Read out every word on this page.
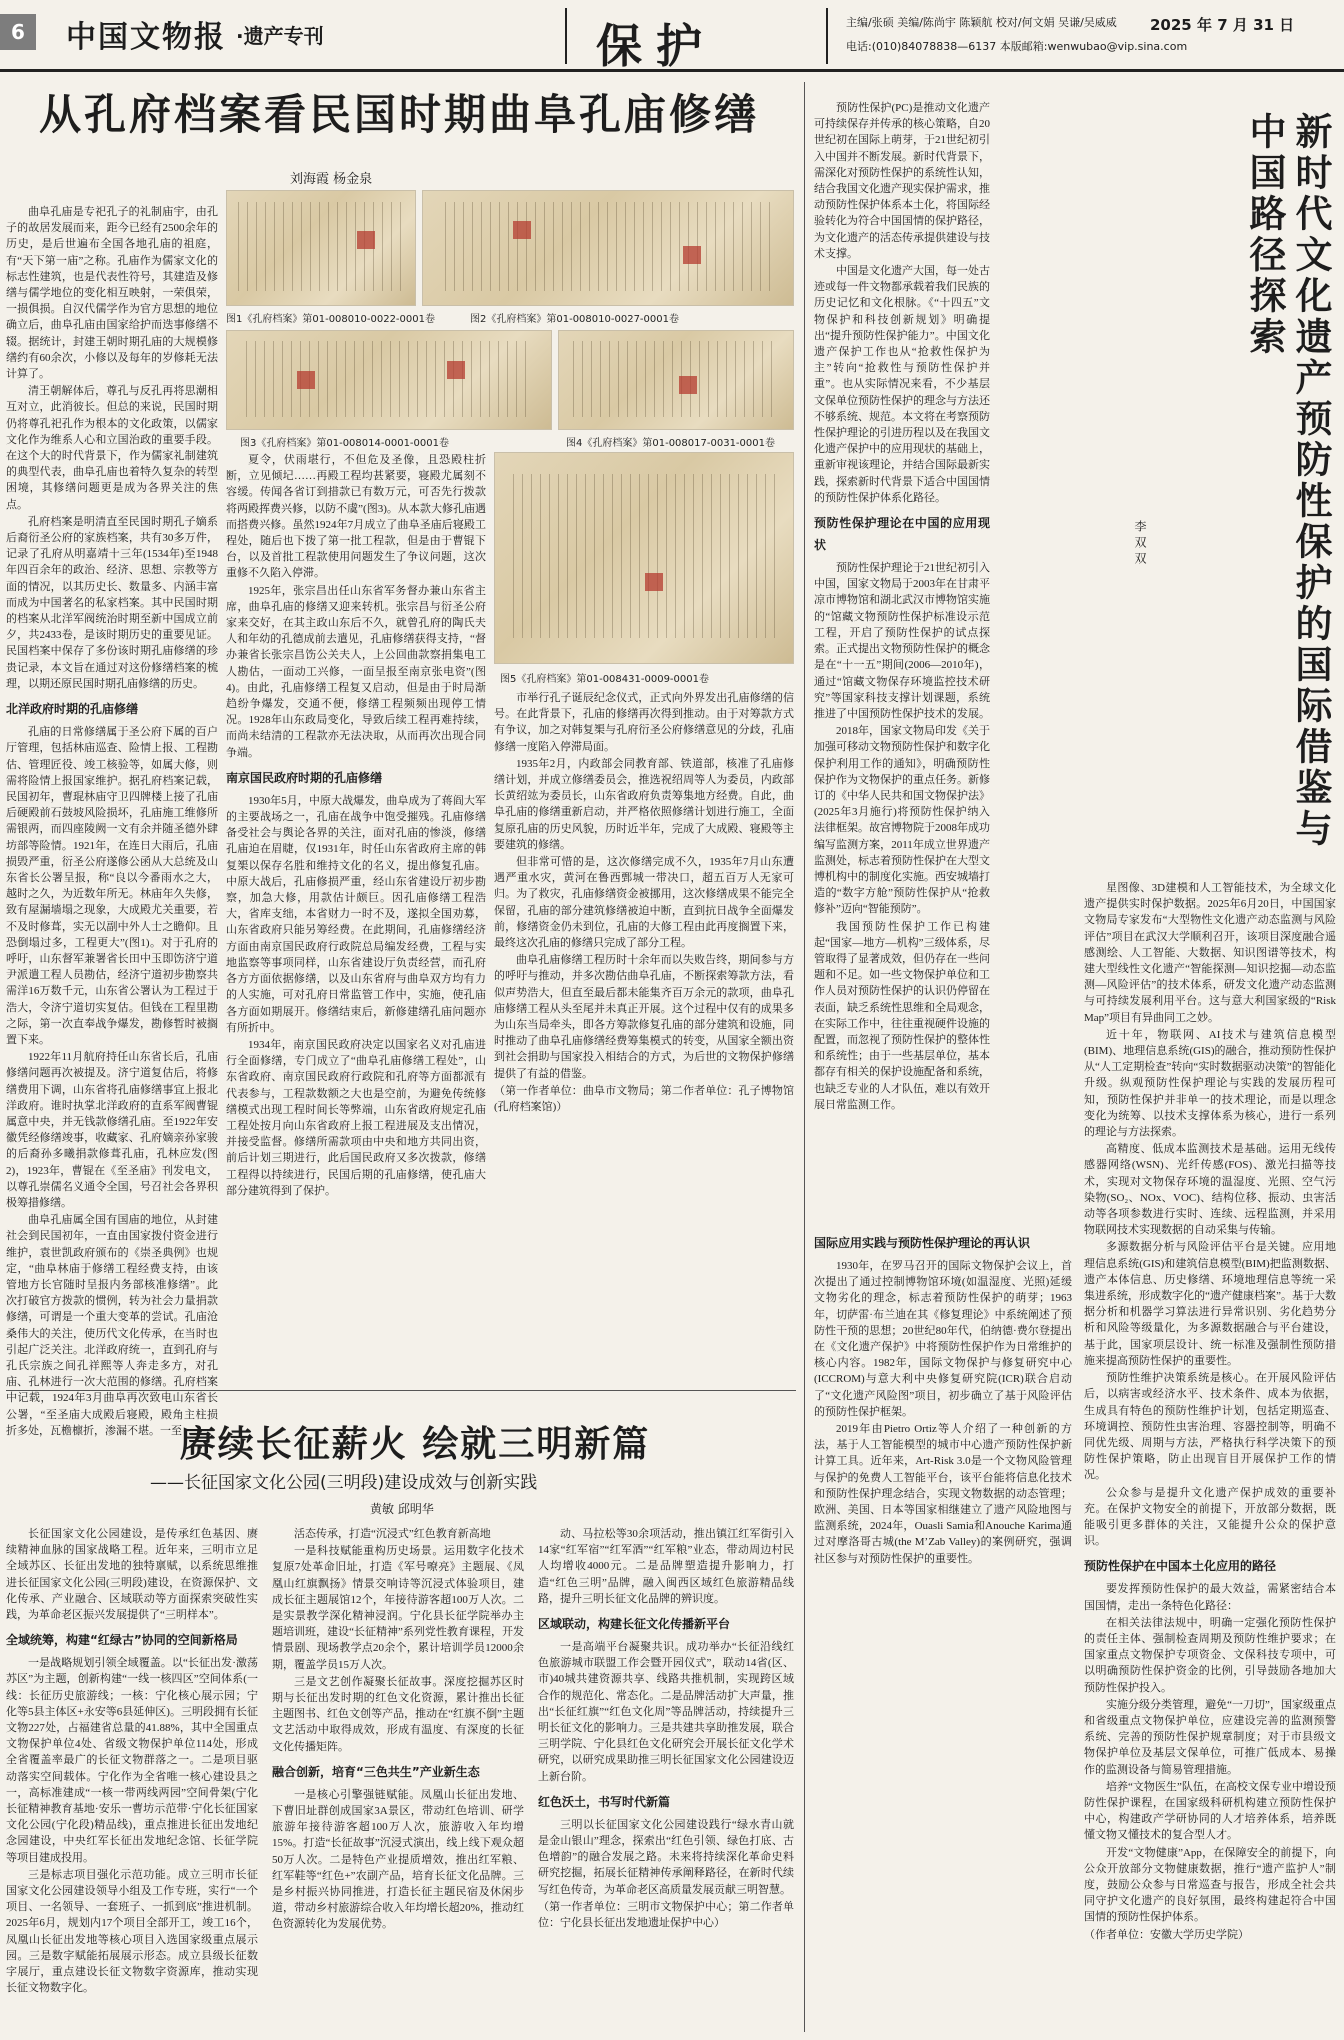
6	中国文物报 ·遗产专刊	保护	主编/张硕 美编/陈尚宇 陈颖航 校对/何文娟 吴谦/吴威威 2025 年 7 月 31 日
电话:(010)84078838—6137 本版邮箱:wenwubao@vip.sina.com
从孔府档案看民国时期曲阜孔庙修缮
刘海霞 杨金泉

曲阜孔庙是专祀孔子的礼制庙宇，由孔子的故居发展而来，距今已经有2500余年的历史，是后世遍布全国各地孔庙的祖庭，有“天下第一庙”之称。孔庙作为儒家文化的标志性建筑，也是代表性符号，其建造及修缮与儒学地位的变化相互映射，一荣俱荣，一损俱损。自汉代儒学作为官方思想的地位确立后，曲阜孔庙由国家给护而迭事修缮不辍。据统计，封建王朝时期孔庙的大规模修缮约有60余次，小修以及每年的岁修耗无法计算了。

清王朝解体后，尊孔与反孔再将思潮相互对立，此消彼长。但总的来说，民国时期仍将尊孔祀孔作为根本的文化政策，以儒家文化作为维系人心和立国治政的重要手段。在这个大的时代背景下，作为儒家礼制建筑的典型代表，曲阜孔庙也着特久复杂的转型困境，其修缮问题更是成为各界关注的焦点。

孔府档案是明清直至民国时期孔子嫡系后裔衍圣公府的家族档案，共有30多万件，记录了孔府从明嘉靖十三年(1534年)至1948年四百余年的政治、经济、思想、宗教等方面的情况，以其历史长、数量多、内涵丰富而成为中国著名的私家档案。其中民国时期的档案从北洋军阀统治时期至新中国成立前夕，共2433卷，是该时期历史的重要见证。民国档案中保存了多份该时期孔庙修缮的珍贵记录，本文旨在通过对这份修缮档案的梳理，以期还原民国时期孔庙修缮的历史。

北洋政府时期的孔庙修缮

孔庙的日常修缮属于圣公府下属的百户厅管理，包括林庙巡查、险情上报、工程勘估、管理匠役、竣工核验等，如属大修，则需将险情上报国家维护。据孔府档案记载，民国初年，曹琨林庙守卫四牌楼上接了孔庙后硬殿前石鼓坡风险损坏，孔庙施工维修所需银两，而四座陵阙一文有余并随圣德外肆坊部等险情。1921年，在连日大雨后，孔庙损毁严重，衍圣公府遂修公函从大总统及山东省长公署呈报，称“良以今番雨水之大，越时之久，为近数年所无。林庙年久失修，致有屋漏墙塌之现象，大成殿尤关重要，若不及时修葺，实无以副中外人士之瞻仰。且恐倒塌过多，工程更大”(图1)。对于孔府的呼吁，山东督军兼署省长田中玉即饬济宁道尹派遣工程人员勘估，经济宁道初步勘察共需洋16万数千元，山东省公署认为工程过于浩大，令济宁道切实复估。但钱在工程里勘之际，第一次直奉战争爆发，勘修暂时被搁置下来。

1922年11月航府持任山东省长后，孔庙修缮问题再次被提及。济宁道复估后，将修缮费用下调，山东省将孔庙修缮事宜上报北洋政府。谁时执掌北洋政府的直系军阀曹锟属意中央，并无钱款修缮孔庙。至1922年安徽凭经修缮竣事，收藏家、孔府嫡亲孙家骏的后裔孙多曦捐款修葺孔庙，孔林应发(图2)，1923年，曹锟在《至圣庙》刊发电文，以尊孔崇儒名义通令全国，号召社会各界积极筹措修缮。

曲阜孔庙属全国有国庙的地位，从封建社会到民国初年，一直由国家拨付资金进行维护，袁世凯政府颁布的《崇圣典例》也规定，“曲阜林庙于修缮工程经费支持，由该管地方长官随时呈报内务部核准修缮”。此次打破官方拨款的惯例，转为社会力量捐款修缮，可谓是一个重大变革的尝试。孔庙沧桑伟大的关注，使历代文化传承，在当时也引起广泛关注。北洋政府统一，直到孔府与孔氏宗族之间孔祥熙等人奔走多方，对孔庙、孔林进行一次大范围的修缮。孔府档案中记载，1924年3月曲阜再次致电山东省长公署，“至圣庙大成殿后寝殿，殿角主柱损折多处，瓦檐檩折，渗漏不堪。一至

图1《孔府档案》第01-008010-0022-0001卷	图2《孔府档案》第01-008010-0027-0001卷
图3《孔府档案》第01-008014-0001-0001卷	图4《孔府档案》第01-008017-0031-0001卷
图5《孔府档案》第01-008431-0009-0001卷

夏令，伏雨堪行，不但危及圣像，且恐殿柱折断，立见倾圮……再殿工程均甚紧要，寝殿尤属刻不容缓。传闻各省订到措款已有数万元，可否先行拨款将两殿挥费兴修，以防不虞”(图3)。从本款大修孔庙遇而搭费兴修。虽然1924年7月成立了曲阜圣庙后寝殿工程处，随后也下拨了第一批工程款，但是由于曹锟下台，以及首批工程款使用问题发生了争议问题，这次重修不久陷入停滞。

1925年，张宗昌出任山东省军务督办兼山东省主席，曲阜孔庙的修缮又迎来转机。张宗昌与衍圣公府家来交好，在其主政山东后不久，就曾孔府的陶氏夫人和年幼的孔德成前去遣见，孔庙修缮获得支持，“督办兼省长张宗昌饬公关夫人，上公回曲款察捐集电工人勘估，一面动工兴修，一面呈报至南京张电资”(图4)。由此，孔庙修缮工程复又启动，但是由于时局渐趋纷争爆发，交通不便，修缮工程频频出现停工情况。1928年山东政局变化，导致后续工程再难持续，而尚未结清的工程款亦无法决取，从而再次出现合同争端。

南京国民政府时期的孔庙修缮

1930年5月，中原大战爆发，曲阜成为了蒋阎大军的主要战场之一，孔庙在战争中饱受摧残。孔庙修缮备受社会与舆论各界的关注，面对孔庙的惨淡，修缮孔庙迫在眉睫，仅1931年，时任山东省政府主席的韩复榘以保存名胜和维持文化的名义，提出修复孔庙。中原大战后，孔庙修损严重，经山东省建设厅初步勘察，加急大修，用款估计颇巨。因孔庙修缮工程浩大，省库支绌，本省财力一时不及，遂拟全国劝募，山东省政府只能另筹经费。在此期间，孔庙修缮经济方面由南京国民政府行政院总局编发经费，工程与实地监察等事项同样，山东省建设厅负责经营，而孔府各方方面依据修缮，以及山东省府与曲阜双方均有力的人实施，可对孔府日常监管工作中，实施，使孔庙各方面如期展开。修缮结束后，新修建缮孔庙问题亦有所折中。

1934年，南京国民政府决定以国家名义对孔庙进行全面修缮，专门成立了“曲阜孔庙修缮工程处”，山东省政府、南京国民政府行政院和孔府等方面都派有代表参与，工程款数额之大也是空前，为避免传统修缮模式出现工程时间长等弊端，山东省政府规定孔庙工程处按月向山东省政府上报工程进展及支出情况，并接受监督。修缮所需款项由中央和地方共同出资，前后计划三期进行，此后国民政府又多次拨款，修缮工程得以持续进行，民国后期的孔庙修缮，使孔庙大部分建筑得到了保护。

市举行孔子诞辰纪念仪式，正式向外界发出孔庙修缮的信号。在此背景下，孔庙的修缮再次得到推动。由于对筹款方式有争议，加之对韩复榘与孔府衍圣公府修缮意见的分歧，孔庙修缮一度陷入停滞局面。

1935年2月，内政部会同教育部、铁道部，核准了孔庙修缮计划，并成立修缮委员会，推选祝绍周等人为委员，内政部长黄绍竑为委员长，山东省政府负责筹集地方经费。自此，曲阜孔庙的修缮重新启动，并严格依照修缮计划进行施工，全面复原孔庙的历史风貌，历时近半年，完成了大成殿、寝殿等主要建筑的修缮。

但非常可惜的是，这次修缮完成不久，1935年7月山东遭遇严重水灾，黄河在鲁西鄄城一带决口，超五百万人无家可归。为了救灾，孔庙修缮资金被挪用，这次修缮成果不能完全保留，孔庙的部分建筑修缮被迫中断，直到抗日战争全面爆发前，修缮资金仍未到位，孔庙的大修工程由此再度搁置下来，最终这次孔庙的修缮只完成了部分工程。

曲阜孔庙修缮工程历时十余年而以失败告终，期间参与方的呼吁与推动，并多次勘估曲阜孔庙，不断探索筹款方法，看似声势浩大，但直至最后都未能集齐百万余元的款项，曲阜孔庙修缮工程从头至尾并未真正开展。这个过程中仅有的成果多为山东当局牵头，即各方筹款修复孔庙的部分建筑和设施，同时推动了曲阜孔庙修缮经费筹集模式的转变，从国家全额出资到社会捐助与国家投入相结合的方式，为后世的文物保护修缮提供了有益的借鉴。

（第一作者单位：曲阜市文物局；第二作者单位：孔子博物馆(孔府档案馆)）

赓续长征薪火 绘就三明新篇
——长征国家文化公园(三明段)建设成效与创新实践
黄敏 邱明华

长征国家文化公园建设，是传承红色基因、赓续精神血脉的国家战略工程。近年来，三明市立足全域苏区、长征出发地的独特禀赋，以系统思维推进长征国家文化公园(三明段)建设，在资源保护、文化传承、产业融合、区域联动等方面探索突破性实践，为革命老区振兴发展提供了“三明样本”。

全域统筹，构建“红绿古”协同的空间新格局

一是战略规划引领全域覆盖。以“长征出发·激荡苏区”为主题，创新构建“一线一核四区”空间体系(一线：长征历史旅游线；一核：宁化核心展示园；宁化等5县主体区+永安等6县延伸区)。三明段拥有长征文物227处，占福建省总量的41.88%，其中全国重点文物保护单位4处、省级文物保护单位114处，形成全省覆盖率最广的长征文物群落之一。二是项目驱动落实空间载体。宁化作为全省唯一核心建设县之一，高标准建成“一核一带两线两园”空间骨架(宁化长征精神教育基地·安乐一曹坊示范带·宁化长征国家文化公园(宁化段)精品线)，重点推进长征出发地纪念园建设，中央红军长征出发地纪念馆、长征学院等项目建成投用。

三是标志项目强化示范功能。成立三明市长征国家文化公园建设领导小组及工作专班，实行“一个项目、一名领导、一套班子、一抓到底”推进机制。2025年6月，规划内17个项目全部开工，竣工16个，凤凰山长征出发地等核心项目入选国家级重点展示园。三是数字赋能拓展展示形态。成立县级长征数字展厅，重点建设长征文物数字资源库，推动实现长征文物数字化。

活态传承，打造“沉浸式”红色教育新高地

一是科技赋能重构历史场景。运用数字化技术复原7处革命旧址，打造《军号嘹亮》主题展、《凤凰山红旗飘扬》情景交响诗等沉浸式体验项目，建成长征主题展馆12个，年接待游客超100万人次。二是实景教学深化精神浸润。宁化县长征学院举办主题培训班，建设“长征精神”系列党性教育课程，开发情景剧、现场教学点20余个，累计培训学员12000余期，覆盖学员15万人次。

三是文艺创作凝聚长征故事。深度挖掘苏区时期与长征出发时期的红色文化资源，累计推出长征主题图书、红色文创等产品，推动在“红旗不倒”主题文艺活动中取得成效，形成有温度、有深度的长征文化传播矩阵。

融合创新，培育“三色共生”产业新生态

一是核心引擎强链赋能。凤凰山长征出发地、下曹旧址群创成国家3A景区，带动红色培训、研学旅游年接待游客超100万人次，旅游收入年均增15%。打造“长征故事”沉浸式演出，线上线下观众超50万人次。二是特色产业提质增效，推出红军粮、红军鞋等“红色+”农副产品，培育长征文化品牌。三是乡村振兴协同推进，打造长征主题民宿及休闲步道，带动乡村旅游综合收入年均增长超20%，推动红色资源转化为发展优势。

动、马拉松等30余项活动，推出镇江红军街引入14家“红军宿”“红军酒”“红军粮”业态，带动周边村民人均增收4000元。二是品牌塑造提升影响力，打造“红色三明”品牌，融入闽西区域红色旅游精品线路，提升三明长征文化品牌的辨识度。

区域联动，构建长征文化传播新平台

一是高端平台凝聚共识。成功举办“长征沿线红色旅游城市联盟工作会暨开园仪式”，联动14省(区、市)40城共建资源共享、线路共推机制，实现跨区域合作的规范化、常态化。二是品牌活动扩大声量，推出“长征红旗”“红色文化周”等品牌活动，持续提升三明长征文化的影响力。三是共建共享助推发展，联合三明学院、宁化县红色文化研究会开展长征文化学术研究，以研究成果助推三明长征国家文化公园建设迈上新台阶。

红色沃土，书写时代新篇

三明以长征国家文化公园建设践行“绿水青山就是金山银山”理念，探索出“红色引领、绿色打底、古色增韵”的融合发展之路。未来将持续深化革命史料研究挖掘，拓展长征精神传承阐释路径，在新时代续写红色传奇，为革命老区高质量发展贡献三明智慧。

（第一作者单位：三明市文物保护中心；第二作者单位：宁化县长征出发地遗址保护中心）

新时代文化遗产预防性保护的国际借鉴与中国路径探索
李双双

预防性保护(PC)是推动文化遗产可持续保存并传承的核心策略，自20世纪初在国际上萌芽，于21世纪初引入中国并不断发展。新时代背景下，需深化对预防性保护的系统性认知，结合我国文化遗产现实保护需求，推动预防性保护体系本土化，将国际经验转化为符合中国国情的保护路径，为文化遗产的活态传承提供建设与技术支撑。

中国是文化遗产大国，每一处古迹或每一件文物都承载着我们民族的历史记忆和文化根脉。《“十四五”文物保护和科技创新规划》明确提出“提升预防性保护能力”。中国文化遗产保护工作也从“抢救性保护为主”转向“抢救性与预防性保护并重”。也从实际情况来看，不少基层文保单位预防性保护的理念与方法还不够系统、规范。本文将在考察预防性保护理论的引进历程以及在我国文化遗产保护中的应用现状的基础上，重新审视该理论，并结合国际最新实践，探索新时代背景下适合中国国情的预防性保护体系化路径。

预防性保护理论在中国的应用现状

预防性保护理论于21世纪初引入中国，国家文物局于2003年在甘肃平凉市博物馆和湖北武汉市博物馆实施的“馆藏文物预防性保护标准设示范工程，开启了预防性保护的试点探索。正式提出文物预防性保护的概念是在“十一五”期间(2006—2010年)，通过“馆藏文物保存环境监控技术研究”等国家科技支撑计划课题，系统推进了中国预防性保护技术的发展。

2018年，国家文物局印发《关于加强可移动文物预防性保护和数字化保护利用工作的通知》，明确预防性保护作为文物保护的重点任务。新修订的《中华人民共和国文物保护法》(2025年3月施行)将预防性保护纳入法律框架。故宫博物院于2008年成功编写监测方案，2011年成立世界遗产监测处，标志着预防性保护在大型文博机构中的制度化实施。西安城墙打造的“数字方舱”预防性保护从“抢救修补”迈向“智能预防”。

我国预防性保护工作已构建起“国家—地方—机构”三级体系，尽管取得了显著成效，但仍存在一些问题和不足。如一些文物保护单位和工作人员对预防性保护的认识仍停留在表面，缺乏系统性思维和全局观念，在实际工作中，往往重视硬件设施的配置，而忽视了预防性保护的整体性和系统性；由于一些基层单位，基本都存有相关的保护设施配备和系统，也缺乏专业的人才队伍，难以有效开展日常监测工作。

国际应用实践与预防性保护理论的再认识

1930年，在罗马召开的国际文物保护会议上，首次提出了通过控制博物馆环境(如温湿度、光照)延缓文物劣化的理念，标志着预防性保护的萌芽；1963年，切萨雷·布兰迪在其《修复理论》中系统阐述了预防性干预的思想；20世纪80年代，伯纳德·费尔登提出在《文化遗产保护》中将预防性保护作为日常维护的核心内容。1982年，国际文物保护与修复研究中心(ICCROM)与意大利中央修复研究院(ICR)联合启动了“文化遗产风险图”项目，初步确立了基于风险评估的预防性保护框架。

2019年由Pietro Ortiz等人介绍了一种创新的方法，基于人工智能模型的城市中心遗产预防性保护新计算工具。近年来，Art-Risk 3.0是一个文物风险管理与保护的免费人工智能平台，该平台能将信息化技术和预防性保护理念结合，实现文物数据的动态管理；欧洲、美国、日本等国家相继建立了遗产风险地图与监测系统，2024年，Ouasli Samia和Anouche Karima通过对摩洛哥古城(the M’Zab Valley)的案例研究，强调社区参与对预防性保护的重要性。

星图像、3D建模和人工智能技术，为全球文化遗产提供实时保护数据。2025年6月20日，中国国家文物局专家发布“大型物性文化遗产动态监测与风险评估”项目在武汉大学顺利召开，该项目深度融合遥感测绘、人工智能、大数据、知识图谱等技术，构建大型线性文化遗产“智能探测—知识挖掘—动态监测—风险评估”的技术体系，研发文化遗产动态监测与可持续发展利用平台。这与意大利国家级的“Risk Map”项目有异曲同工之妙。

近十年，物联网、AI技术与建筑信息模型(BIM)、地理信息系统(GIS)的融合，推动预防性保护从“人工定期检查”转向“实时数据驱动决策”的智能化升级。纵观预防性保护理论与实践的发展历程可知，预防性保护并非单一的技术理论，而是以理念变化为统筹、以技术支撑体系为核心，进行一系列的理论与方法探索。

高精度、低成本监测技术是基础。运用无线传感器网络(WSN)、光纤传感(FOS)、激光扫描等技术，实现对文物保存环境的温湿度、光照、空气污染物(SO₂、NOx、VOC)、结构位移、振动、虫害活动等各项参数进行实时、连续、远程监测，并采用物联网技术实现数据的自动采集与传输。

多源数据分析与风险评估平台是关键。应用地理信息系统(GIS)和建筑信息模型(BIM)把监测数据、遗产本体信息、历史修缮、环境地理信息等统一采集进系统，形成数字化的“遗产健康档案”。基于大数据分析和机器学习算法进行异常识别、劣化趋势分析和风险等级量化，为多源数据融合与平台建设，基于此，国家项层设计、统一标准及强制性预防措施来提高预防性保护的重要性。

预防性维护决策系统是核心。在开展风险评估后，以病害或经济水平、技术条件、成本为依据，生成具有特色的预防性维护计划，包括定期巡查、环境调控、预防性虫害治理、容器控制等，明确不同优先级、周期与方法，严格执行科学决策下的预防性保护策略，防止出现盲目开展保护工作的情况。

公众参与是提升文化遗产保护成效的重要补充。在保护文物安全的前提下，开放部分数据，既能吸引更多群体的关注，又能提升公众的保护意识。

预防性保护在中国本土化应用的路径

要发挥预防性保护的最大效益，需紧密结合本国国情，走出一条特色化路径：

在相关法律法规中，明确一定强化预防性保护的责任主体、强制检查周期及预防性维护要求；在国家重点文物保护专项资金、文保科技专项中，可以明确预防性保护资金的比例，引导鼓励各地加大预防性保护投入。

实施分级分类管理，避免“一刀切”，国家级重点和省级重点文物保护单位，应建设完善的监测预警系统、完善的预防性保护规章制度；对于市县级文物保护单位及基层文保单位，可推广低成本、易操作的监测设备与简易管理措施。

培养“文物医生”队伍，在高校文保专业中增设预防性保护课程，在国家级科研机构建立预防性保护中心，构建政产学研协同的人才培养体系，培养既懂文物又懂技术的复合型人才。

开发“文物健康”App，在保障安全的前提下，向公众开放部分文物健康数据，推行“遗产监护人”制度，鼓励公众参与日常巡查与报告，形成全社会共同守护文化遗产的良好氛围，最终构建起符合中国国情的预防性保护体系。

（作者单位：安徽大学历史学院）
